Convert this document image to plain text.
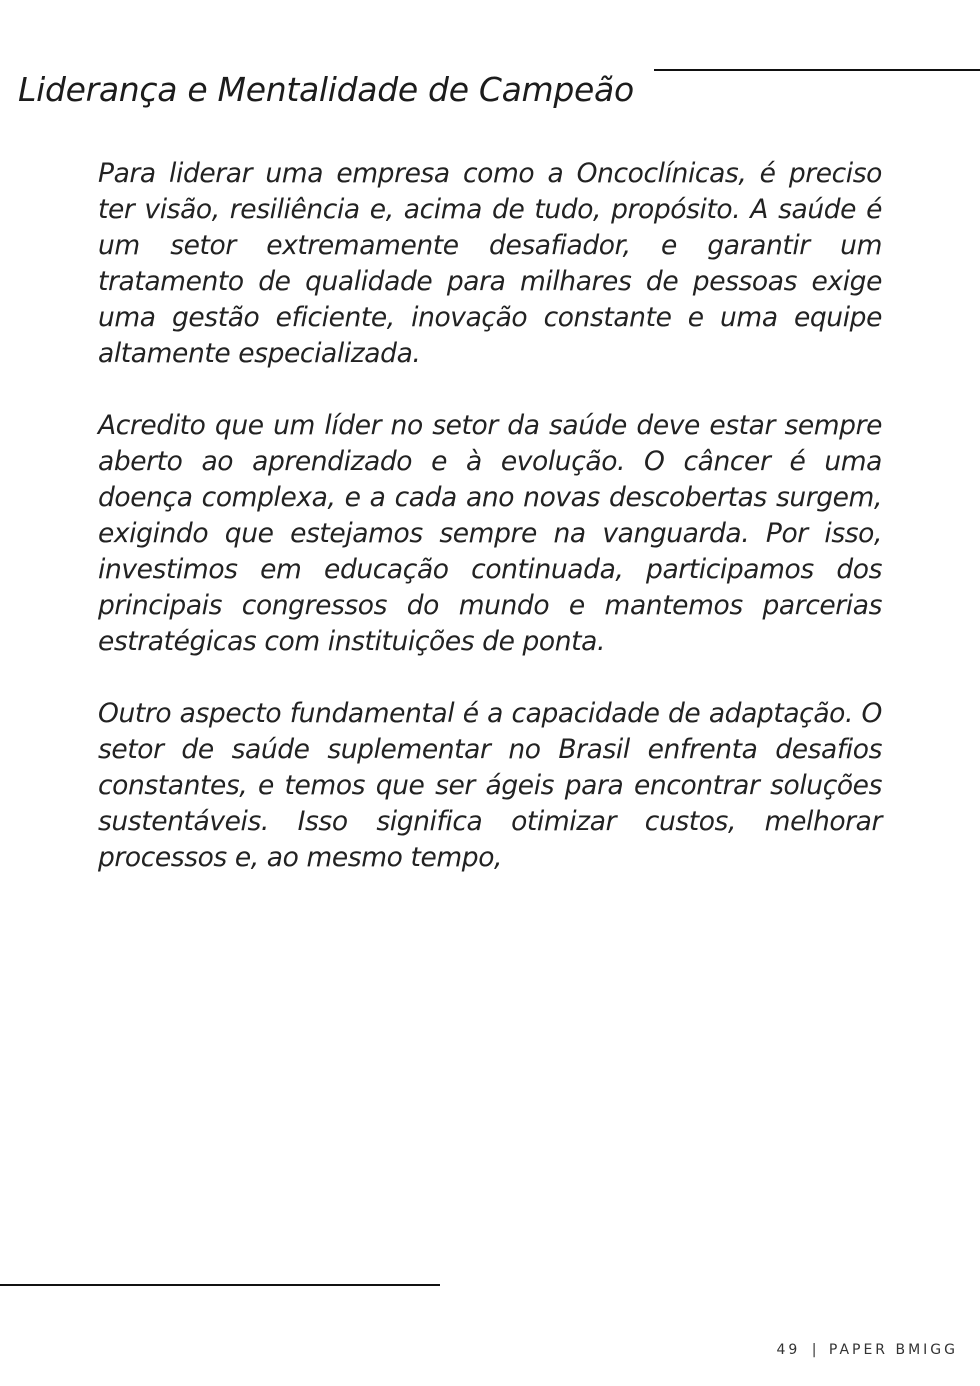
Liderança e Mentalidade de Campeão

Para liderar uma empresa como a Oncoclínicas, é preciso ter visão, resiliência e, acima de tudo, propósito. A saúde é um setor extremamente desafiador, e garantir um tratamento de qualidade para milhares de pessoas exige uma gestão eficiente, inovação constante e uma equipe altamente especializada.

Acredito que um líder no setor da saúde deve estar sempre aberto ao aprendizado e à evolução. O câncer é uma doença complexa, e a cada ano novas descobertas surgem, exigindo que estejamos sempre na vanguarda. Por isso, investimos em educação continuada, participamos dos principais congressos do mundo e mantemos parcerias estratégicas com instituições de ponta.

Outro aspecto fundamental é a capacidade de adaptação. O setor de saúde suplementar no Brasil enfrenta desafios constantes, e temos que ser ágeis para encontrar soluções sustentáveis. Isso significa otimizar custos, melhorar processos e, ao mesmo tempo,

49 | PAPER BMIGG
